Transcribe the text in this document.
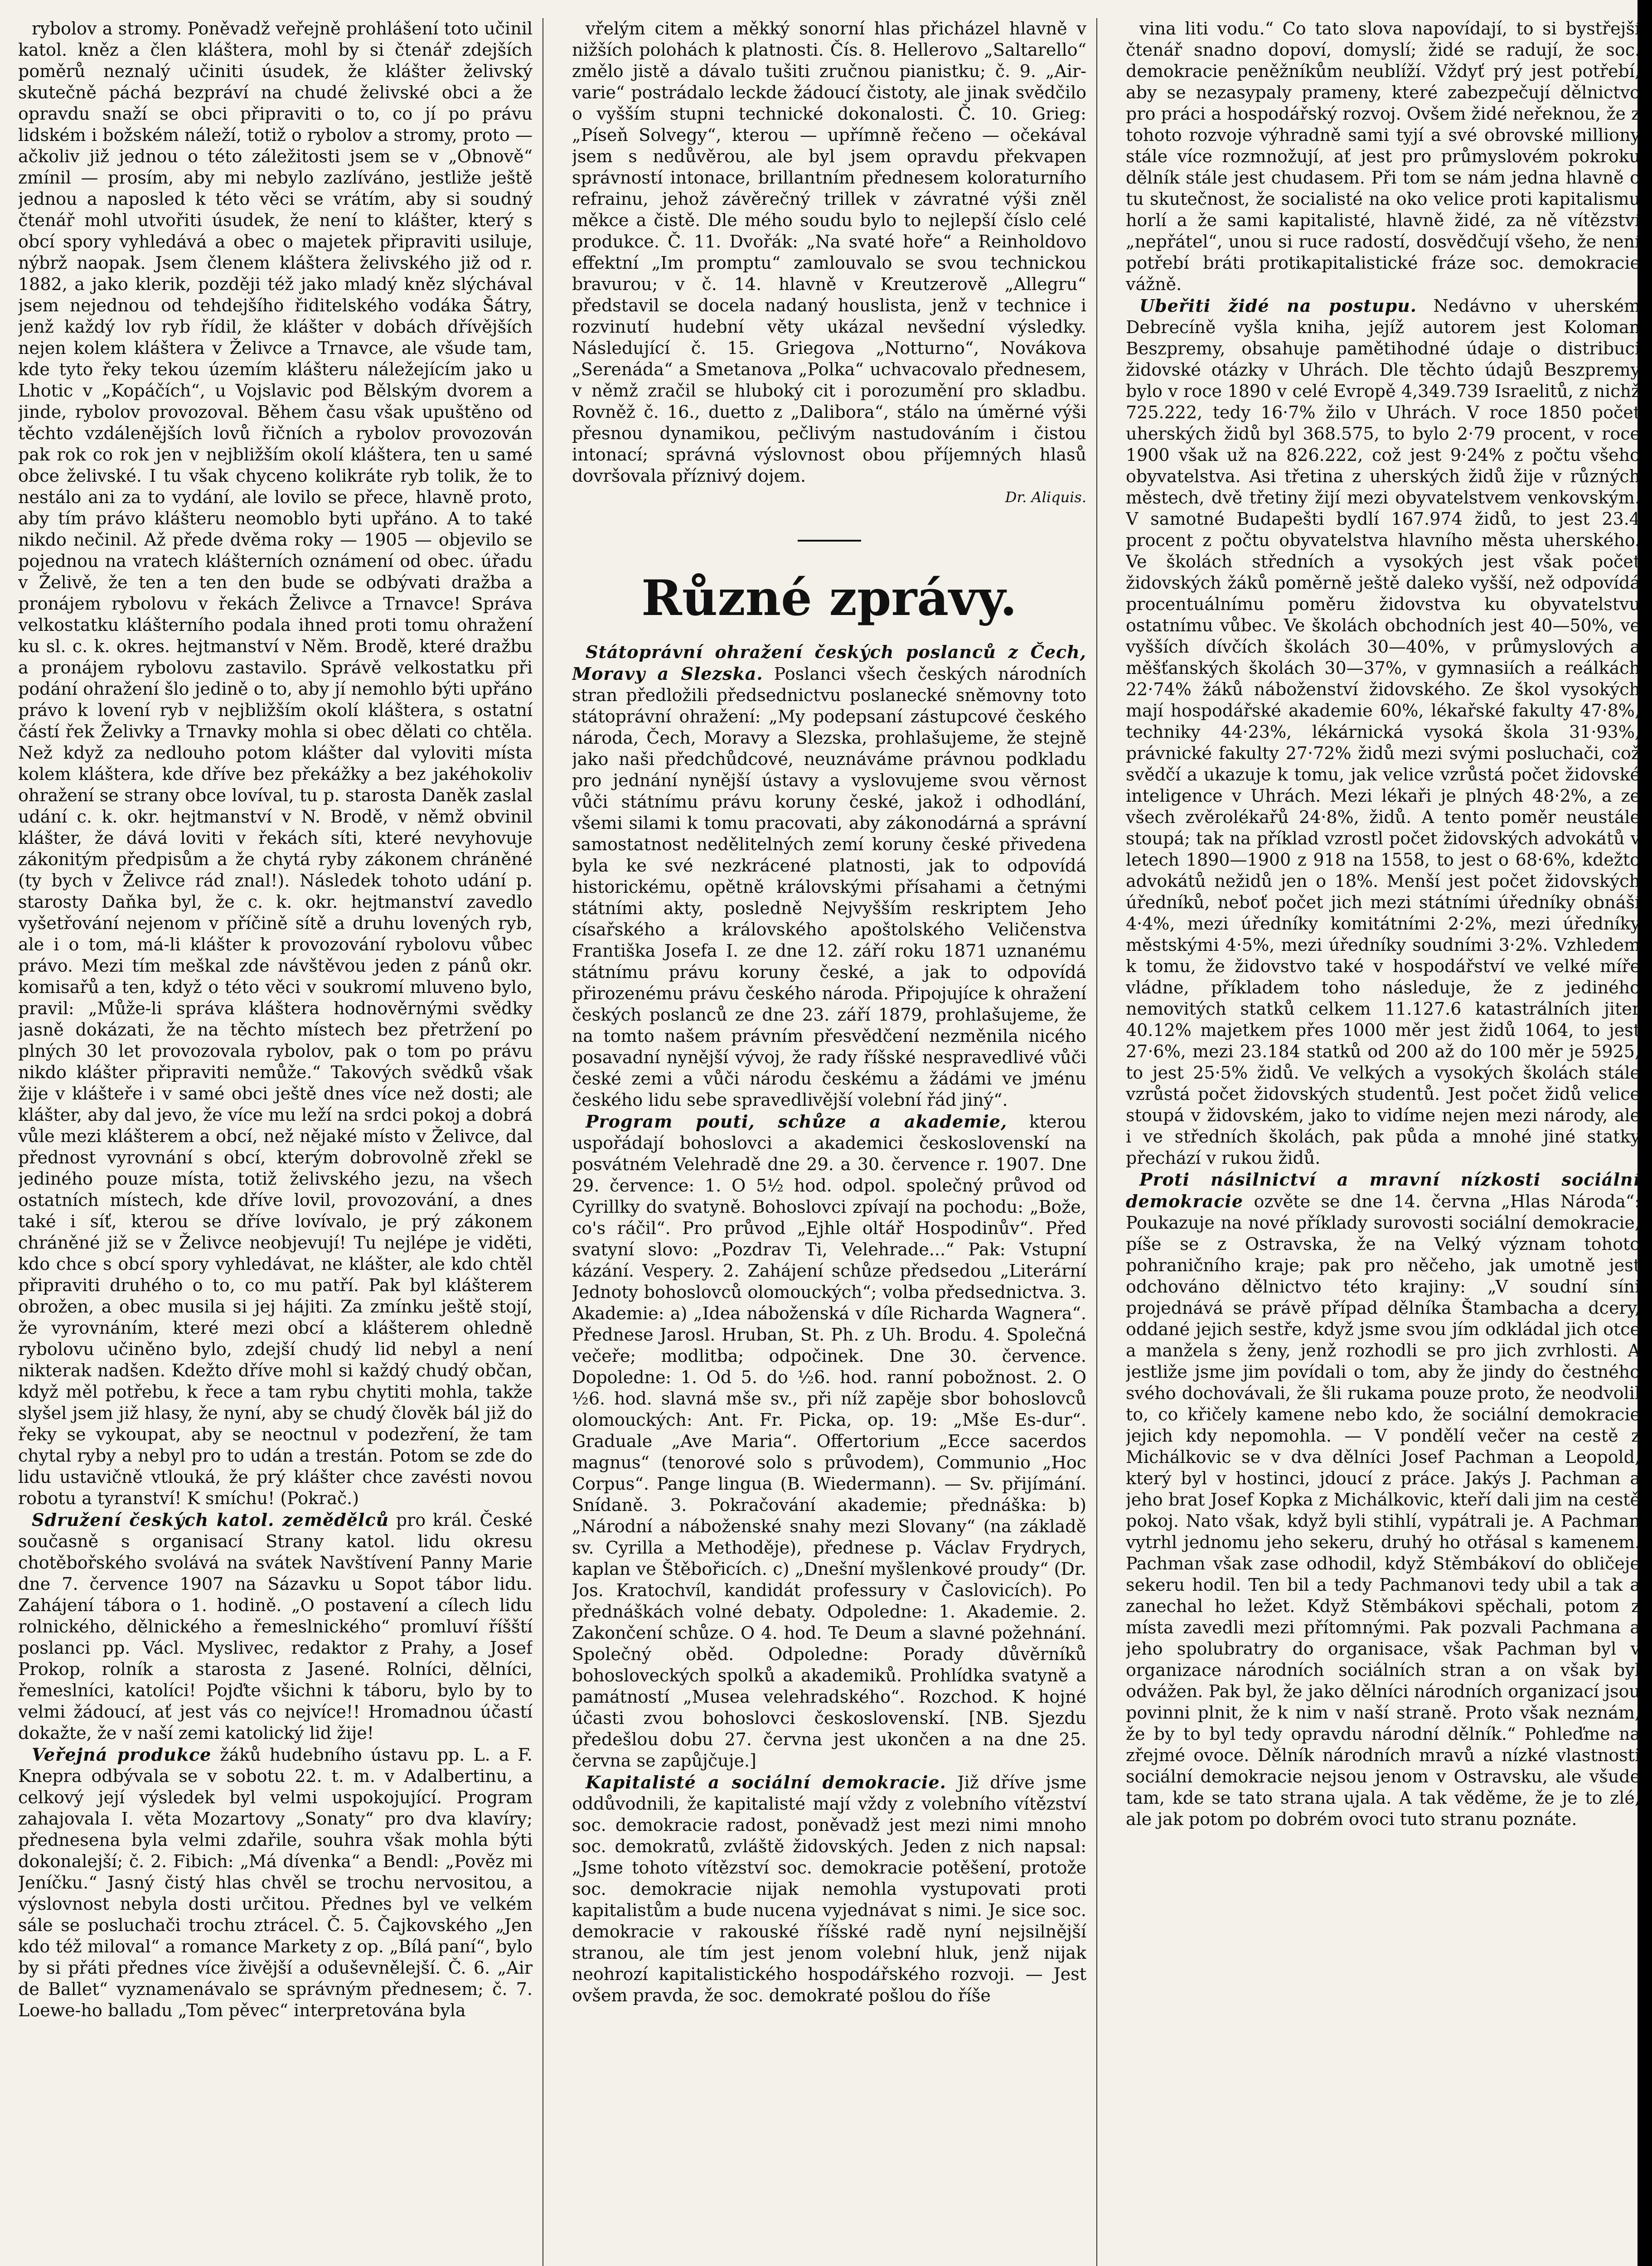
rybolov a stromy. Poněvadž veřejně prohlášení toto učinil katol. kněz a člen kláštera, mohl by si čtenář zdejších poměrů neznalý učiniti úsudek, že klášter želivský skutečně páchá bezpráví na chudé želivské obci a že opravdu snaží se obci připraviti o to, co jí po právu lidském i božském náleží, totiž o rybolov a stromy, proto — ačkoliv již jednou o této záležitosti jsem se v „Obnově“ zmínil — prosím, aby mi nebylo zazlíváno, jestliže ještě jednou a naposled k této věci se vrátím, aby si soudný čtenář mohl utvořiti úsudek, že není to klášter, který s obcí spory vyhledává a obec o majetek připraviti usiluje, nýbrž naopak. Jsem členem kláštera želivského již od r. 1882, a jako klerik, později též jako mladý kněz slýchával jsem nejednou od tehdejšího řiditelského vodáka Šátry, jenž každý lov ryb řídil, že klášter v dobách dřívějších nejen kolem kláštera v Želivce a Trnavce, ale všude tam, kde tyto řeky tekou územím klášteru náležejícím jako u Lhotic v „Kopáčích“, u Vojslavic pod Bělským dvorem a jinde, rybolov provozoval. Během času však upuštěno od těchto vzdálenějších lovů řičních a rybolov provozován pak rok co rok jen v nejbližším okolí kláštera, ten u samé obce želivské. I tu však chyceno kolikráte ryb tolik, že to nestálo ani za to vydání, ale lovilo se přece, hlavně proto, aby tím právo klášteru neomoblo byti upřáno. A to také nikdo nečinil. Až přede dvěma roky — 1905 — objevilo se pojednou na vratech klášterních oznámení od obec. úřadu v Želivě, že ten a ten den bude se odbývati dražba a pronájem rybolovu v řekách Želivce a Trnavce! Správa velkostatku klášterního podala ihned proti tomu ohražení ku sl. c. k. okres. hejtmanství v Něm. Brodě, které dražbu a pronájem rybolovu zastavilo. Správě velkostatku při podání ohražení šlo jedině o to, aby jí nemohlo býti upřáno právo k lovení ryb v nejbližším okolí kláštera, s ostatní částí řek Želivky a Trnavky mohla si obec dělati co chtěla. Než když za nedlouho potom klášter dal vyloviti místa kolem kláštera, kde dříve bez překážky a bez jakéhokoliv ohražení se strany obce lovíval, tu p. starosta Daněk zaslal udání c. k. okr. hejtmanství v N. Brodě, v němž obvinil klášter, že dává loviti v řekách síti, které nevyhovuje zákonitým předpisům a že chytá ryby zákonem chráněné (ty bych v Želivce rád znal!). Následek tohoto udání p. starosty Daňka byl, že c. k. okr. hejtmanství zavedlo vyšetřování nejenom v příčině sítě a druhu lovených ryb, ale i o tom, má-li klášter k provozování rybolovu vůbec právo. Mezi tím meškal zde návštěvou jeden z pánů okr. komisařů a ten, když o této věci v soukromí mluveno bylo, pravil: „Může-li správa kláštera hodnověrnými svědky jasně dokázati, že na těchto místech bez přetržení po plných 30 let provozovala rybolov, pak o tom po právu nikdo klášter připraviti nemůže.“ Takových svědků však žije v klášteře i v samé obci ještě dnes více než dosti; ale klášter, aby dal jevo, že více mu leží na srdci pokoj a dobrá vůle mezi klášterem a obcí, než nějaké místo v Želivce, dal přednost vyrovnání s obcí, kterým dobrovolně zřekl se jediného pouze místa, totiž želivského jezu, na všech ostatních místech, kde dříve lovil, provozování, a dnes také i síť, kterou se dříve lovívalo, je prý zákonem chráněné již se v Želivce neobjevují! Tu nejlépe je viděti, kdo chce s obcí spory vyhledávat, ne klášter, ale kdo chtěl připraviti druhého o to, co mu patří. Pak byl klášterem obrožen, a obec musila si jej hájiti. Za zmínku ještě stojí, že vyrovnáním, které mezi obcí a klášterem ohledně rybolovu učiněno bylo, zdejší chudý lid nebyl a není nikterak nadšen. Kdežto dříve mohl si každý chudý občan, když měl potřebu, k řece a tam rybu chytiti mohla, takže slyšel jsem již hlasy, že nyní, aby se chudý člověk bál již do řeky se vykoupat, aby se neoctnul v podezření, že tam chytal ryby a nebyl pro to udán a trestán. Potom se zde do lidu ustavičně vtlouká, že prý klášter chce zavésti novou robotu a tyranství! K smíchu! (Pokrač.)

Sdružení českých katol. zemědělců pro král. České současně s organisací Strany katol. lidu okresu chotěbořského svolává na svátek Navštívení Panny Marie dne 7. července 1907 na Sázavku u Sopot tábor lidu. Zahájení tábora o 1. hodině. „O postavení a cílech lidu rolnického, dělnického a řemeslnického“ promluví říšští poslanci pp. Václ. Myslivec, redaktor z Prahy, a Josef Prokop, rolník a starosta z Jasené. Rolníci, dělníci, řemeslníci, katolíci! Pojďte všichni k táboru, bylo by to velmi žádoucí, ať jest vás co nejvíce!! Hromadnou účastí dokažte, že v naší zemi katolický lid žije!

Veřejná produkce žáků hudebního ústavu pp. L. a F. Knepra odbývala se v sobotu 22. t. m. v Adalbertinu, a celkový její výsledek byl velmi uspokojující. Program zahajovala I. věta Mozartovy „Sonaty“ pro dva klavíry; přednesena byla velmi zdařile, souhra však mohla býti dokonalejší; č. 2. Fibich: „Má dívenka“ a Bendl: „Pověz mi Jeníčku.“ Jasný čistý hlas chvěl se trochu nervositou, a výslovnost nebyla dosti určitou. Přednes byl ve velkém sále se posluchači trochu ztrácel. Č. 5. Čajkovského „Jen kdo též miloval“ a romance Markety z op. „Bílá paní“, bylo by si přáti přednes více živější a oduševnělejší. Č. 6. „Air de Ballet“ vyznamenávalo se správným přednesem; č. 7. Loewe-ho balladu „Tom pěvec“ interpretována byla

vřelým citem a měkký sonorní hlas přicházel hlavně v nižších polohách k platnosti. Čís. 8. Hellerovo „Saltarello“ změlo jistě a dávalo tušiti zručnou pianistku; č. 9. „Air-varie“ postrádalo leckde žádoucí čistoty, ale jinak svědčilo o vyšším stupni technické dokonalosti. Č. 10. Grieg: „Píseň Solvegy“, kterou — upřímně řečeno — očekával jsem s nedůvěrou, ale byl jsem opravdu překvapen správností intonace, brillantním přednesem koloraturního refrainu, jehož závěrečný trillek v závratné výši zněl měkce a čistě. Dle mého soudu bylo to nejlepší číslo celé produkce. Č. 11. Dvořák: „Na svaté hoře“ a Reinholdovo effektní „Im promptu“ zamlouvalo se svou technickou bravurou; v č. 14. hlavně v Kreutzerově „Allegru“ představil se docela nadaný houslista, jenž v technice i rozvinutí hudební věty ukázal nevšední výsledky. Následující č. 15. Griegova „Notturno“, Novákova „Serenáda“ a Smetanova „Polka“ uchvacovalo přednesem, v němž zračil se hluboký cit i porozumění pro skladbu. Rovněž č. 16., duetto z „Dalibora“, stálo na úměrné výši přesnou dynamikou, pečlivým nastudováním i čistou intonací; správná výslovnost obou příjemných hlasů dovršovala příznivý dojem.

Dr. Aliquis.

Různé zprávy.

Státoprávní ohražení českých poslanců z Čech, Moravy a Slezska. Poslanci všech českých národních stran předložili předsednictvu poslanecké sněmovny toto státoprávní ohražení: „My podepsaní zástupcové českého národa, Čech, Moravy a Slezska, prohlašujeme, že stejně jako naši předchůdcové, neuznáváme právnou podkladu pro jednání nynější ústavy a vyslovujeme svou věrnost vůči státnímu právu koruny české, jakož i odhodlání, všemi silami k tomu pracovati, aby zákonodárná a správní samostatnost nedělitelných zemí koruny české přivedena byla ke své nezkrácené platnosti, jak to odpovídá historickému, opětně královskými přísahami a četnými státními akty, posledně Nejvyšším reskriptem Jeho císařského a královského apoštolského Veličenstva Františka Josefa I. ze dne 12. září roku 1871 uznanému státnímu právu koruny české, a jak to odpovídá přirozenému právu českého národa. Připojujíce k ohražení českých poslanců ze dne 23. září 1879, prohlašujeme, že na tomto našem právním přesvědčení nezměnila nicého posavadní nynější vývoj, že rady říšské nespravedlivé vůči české zemi a vůči národu českému a žádámi ve jménu českého lidu sebe spravedlivější volební řád jiný“.

Program pouti, schůze a akademie, kterou uspořádají bohoslovci a akademici československí na posvátném Velehradě dne 29. a 30. července r. 1907. Dne 29. července: 1. O 5½ hod. odpol. společný průvod od Cyrillky do svatyně. Bohoslovci zpívají na pochodu: „Bože, co's ráčil“. Pro průvod „Ejhle oltář Hospodinův“. Před svatyní slovo: „Pozdrav Ti, Velehrade...“ Pak: Vstupní kázání. Vespery. 2. Zahájení schůze předsedou „Literární Jednoty bohoslovců olomouckých“; volba předsednictva. 3. Akademie: a) „Idea náboženská v díle Richarda Wagnera“. Přednese Jarosl. Hruban, St. Ph. z Uh. Brodu. 4. Společná večeře; modlitba; odpočinek. Dne 30. července. Dopoledne: 1. Od 5. do ½6. hod. ranní pobožnost. 2. O ½6. hod. slavná mše sv., při níž zapěje sbor bohoslovců olomouckých: Ant. Fr. Picka, op. 19: „Mše Es-dur“. Graduale „Ave Maria“. Offertorium „Ecce sacerdos magnus“ (tenorové solo s průvodem), Communio „Hoc Corpus“. Pange lingua (B. Wiedermann). — Sv. přijímání. Snídaně. 3. Pokračování akademie; přednáška: b) „Národní a náboženské snahy mezi Slovany“ (na základě sv. Cyrilla a Methoděje), přednese p. Václav Frydrych, kaplan ve Štěbořicích. c) „Dnešní myšlenkové proudy“ (Dr. Jos. Kratochvíl, kandidát professury v Časlovicích). Po přednáškách volné debaty. Odpoledne: 1. Akademie. 2. Zakončení schůze. O 4. hod. Te Deum a slavné požehnání. Společný oběd. Odpoledne: Porady důvěrníků bohosloveckých spolků a akademiků. Prohlídka svatyně a památností „Musea velehradského“. Rozchod. K hojné účasti zvou bohoslovci československí. [NB. Sjezdu předešlou dobu 27. června jest ukončen a na dne 25. června se zapůjčuje.]

Kapitalisté a sociální demokracie. Již dříve jsme oddůvodnili, že kapitalisté mají vždy z volebního vítězství soc. demokracie radost, poněvadž jest mezi nimi mnoho soc. demokratů, zvláště židovských. Jeden z nich napsal: „Jsme tohoto vítězství soc. demokracie potěšení, protože soc. demokracie nijak nemohla vystupovati proti kapitalistům a bude nucena vyjednávat s nimi. Je sice soc. demokracie v rakouské říšské radě nyní nejsilnější stranou, ale tím jest jenom volební hluk, jenž nijak neohrozí kapitalistického hospodářského rozvoji. — Jest ovšem pravda, že soc. demokraté pošlou do říše

vina liti vodu.“ Co tato slova napovídají, to si bystřejší čtenář snadno dopoví, domyslí; židé se radují, že soc. demokracie peněžníkům neublíží. Vždyť prý jest potřebí, aby se nezasypaly prameny, které zabezpečují dělnictvo pro práci a hospodářský rozvoj. Ovšem židé neřeknou, že z tohoto rozvoje výhradně sami tyjí a své obrovské milliony stále více rozmnožují, ať jest pro průmyslovém pokroku dělník stále jest chudasem. Při tom se nám jedna hlavně o tu skutečnost, že socialisté na oko velice proti kapitalismu horlí a že sami kapitalisté, hlavně židé, za ně vítězství „nepřátel“, unou si ruce radostí, dosvědčují všeho, že není potřebí bráti protikapitalistické fráze soc. demokracie vážně.

Ubeřiti židé na postupu. Nedávno v uherském Debrecíně vyšla kniha, jejíž autorem jest Koloman Beszpremy, obsahuje pamětihodné údaje o distribuci židovské otázky v Uhrách. Dle těchto údajů Beszpremy bylo v roce 1890 v celé Evropě 4,349.739 Israelitů, z nichž 725.222, tedy 16·7% žilo v Uhrách. V roce 1850 počet uherských židů byl 368.575, to bylo 2·79 procent, v roce 1900 však už na 826.222, což jest 9·24% z počtu všeho obyvatelstva. Asi třetina z uherských židů žije v různých městech, dvě třetiny žijí mezi obyvatelstvem venkovským. V samotné Budapešti bydlí 167.974 židů, to jest 23.4 procent z počtu obyvatelstva hlavního města uherského. Ve školách středních a vysokých jest však počet židovských žáků poměrně ještě daleko vyšší, než odpovídá procentuálnímu poměru židovstva ku obyvatelstvu ostatnímu vůbec. Ve školách obchodních jest 40—50%, ve vyšších dívčích školách 30—40%, v průmyslových a měšťanských školách 30—37%, v gymnasiích a reálkách 22·74% žáků náboženství židovského. Ze škol vysokých mají hospodářské akademie 60%, lékařské fakulty 47·8%, techniky 44·23%, lékárnická vysoká škola 31·93%, právnické fakulty 27·72% židů mezi svými posluchači, což svědčí a ukazuje k tomu, jak velice vzrůstá počet židovské inteligence v Uhrách. Mezi lékaři je plných 48·2%, a ze všech zvěrolékařů 24·8%, židů. A tento poměr neustále stoupá; tak na příklad vzrostl počet židovských advokátů v letech 1890—1900 z 918 na 1558, to jest o 68·6%, kdežto advokátů nežidů jen o 18%. Menší jest počet židovských úředníků, neboť počet jich mezi státními úředníky obnáší 4·4%, mezi úředníky komitátními 2·2%, mezi úředníky městskými 4·5%, mezi úředníky soudními 3·2%. Vzhledem k tomu, že židovstvo také v hospodářství ve velké míře vládne, příkladem toho následuje, že z jediného nemovitých statků celkem 11.127.6 katastrálních jiter 40.12% majetkem přes 1000 měr jest židů 1064, to jest 27·6%, mezi 23.184 statků od 200 až do 100 měr je 5925, to jest 25·5% židů. Ve velkých a vysokých školách stále vzrůstá počet židovských studentů. Jest počet židů velice stoupá v židovském, jako to vidíme nejen mezi národy, ale i ve středních školách, pak půda a mnohé jiné statky přechází v rukou židů.

Proti násilnictví a mravní nízkosti sociální demokracie ozvěte se dne 14. června „Hlas Národa“: Poukazuje na nové příklady surovosti sociální demokracie, píše se z Ostravska, že na Velký význam tohoto pohraničního kraje; pak pro něčeho, jak umotně jest odchováno dělnictvo této krajiny: „V soudní síni projednává se právě případ dělníka Štambacha a dcery, oddané jejich sestře, když jsme svou jím odkládal jich otce a manžela s ženy, jenž rozhodli se pro jich zvrhlosti. A jestliže jsme jim povídali o tom, aby že jindy do čestného svého dochovávali, že šli rukama pouze proto, že neodvolil to, co křičely kamene nebo kdo, že sociální demokracie jejich kdy nepomohla. — V pondělí večer na cestě z Michálkovic se v dva dělníci Josef Pachman a Leopold, který byl v hostinci, jdoucí z práce. Jakýs J. Pachman a jeho brat Josef Kopka z Michálkovic, kteří dali jim na cestě pokoj. Nato však, když byli stihlí, vypátrali je. A Pachman vytrhl jednomu jeho sekeru, druhý ho otřásal s kamenem. Pachman však zase odhodil, když Stěmbákoví do obličeje sekeru hodil. Ten bil a tedy Pachmanovi tedy ubil a tak a zanechal ho ležet. Když Stěmbákovi spěchali, potom z místa zavedli mezi přítomnými. Pak pozvali Pachmana a jeho spolubratry do organisace, však Pachman byl v organizace národních sociálních stran a on však byl odvážen. Pak byl, že jako dělníci národních organizací jsou povinni plnit, že k nim v naší straně. Proto však neznám, že by to byl tedy opravdu národní dělník.“ Pohleďme na zřejmé ovoce. Dělník národních mravů a nízké vlastnosti sociální demokracie nejsou jenom v Ostravsku, ale všude tam, kde se tato strana ujala. A tak věděme, že je to zlé, ale jak potom po dobrém ovoci tuto stranu poznáte.
